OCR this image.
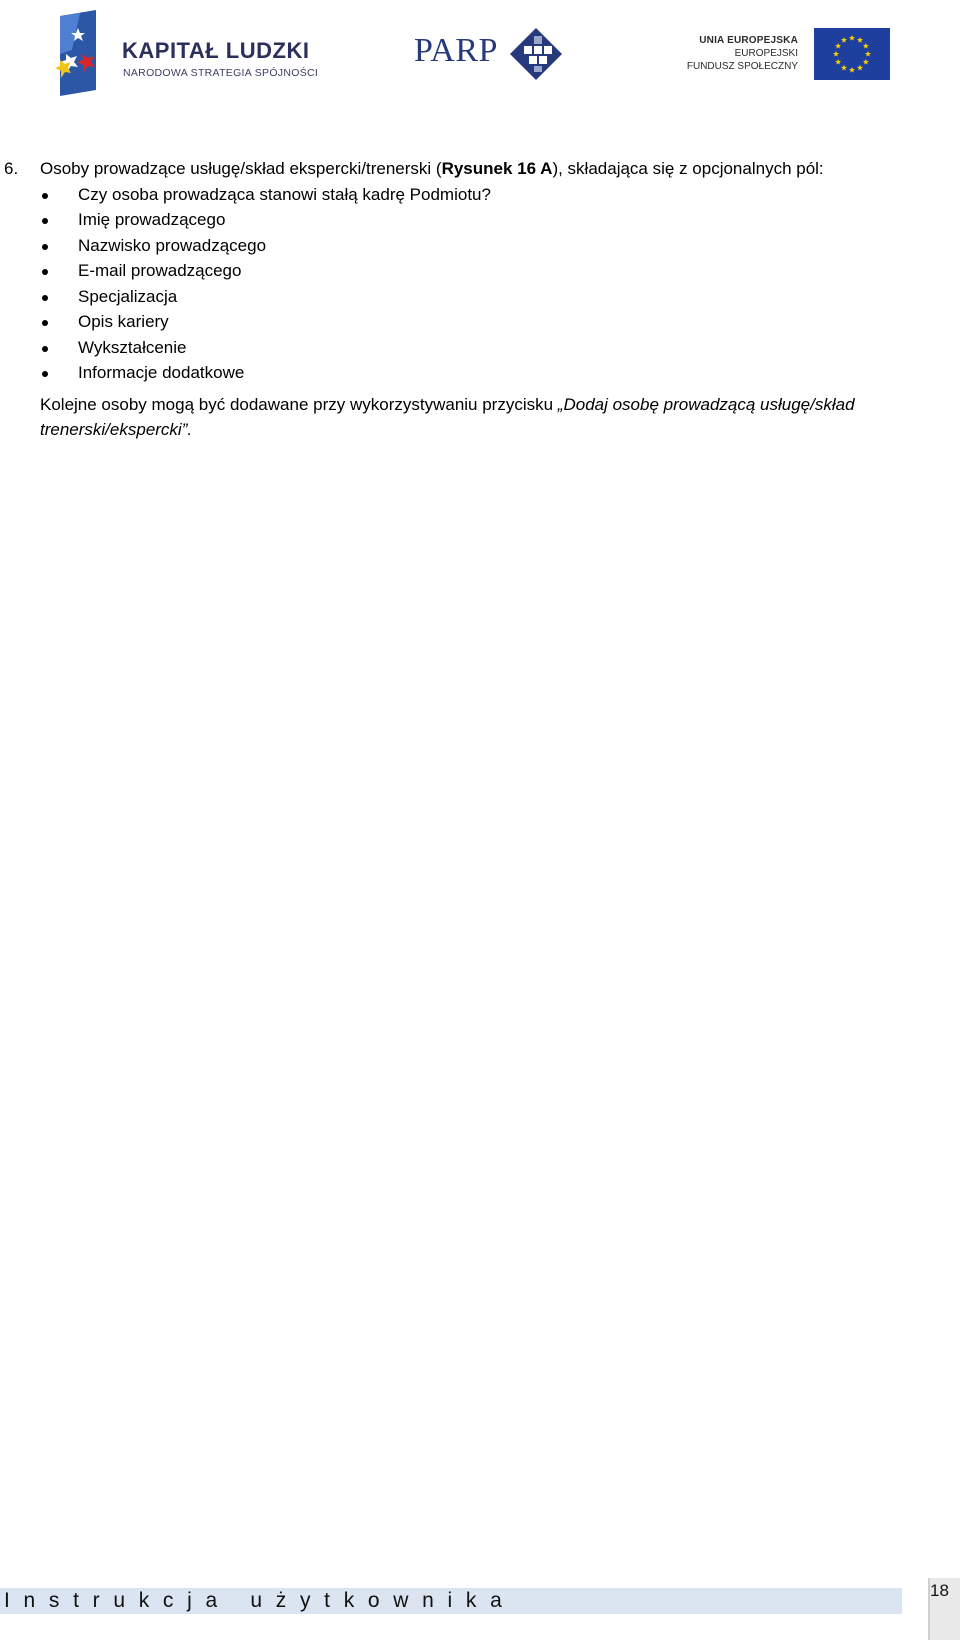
KAPITAŁ LUDZKI
NARODOWA STRATEGIA SPÓJNOŚCI
PARP	UNIA EUROPEJSKA
EUROPEJSKI
FUNDUSZ SPOŁECZNY
6. Osoby prowadzące usługę/skład ekspercki/trenerski (Rysunek 16 A), składająca się z opcjonalnych pól:
Czy osoba prowadząca stanowi stałą kadrę Podmiotu?
Imię prowadzącego
Nazwisko prowadzącego
E-mail prowadzącego
Specjalizacja
Opis kariery
Wykształcenie
Informacje dodatkowe
Kolejne osoby mogą być dodawane przy wykorzystywaniu przycisku „Dodaj osobę prowadzącą usługę/skład trenerski/ekspercki”.
Instrukcja użytkownika	18
